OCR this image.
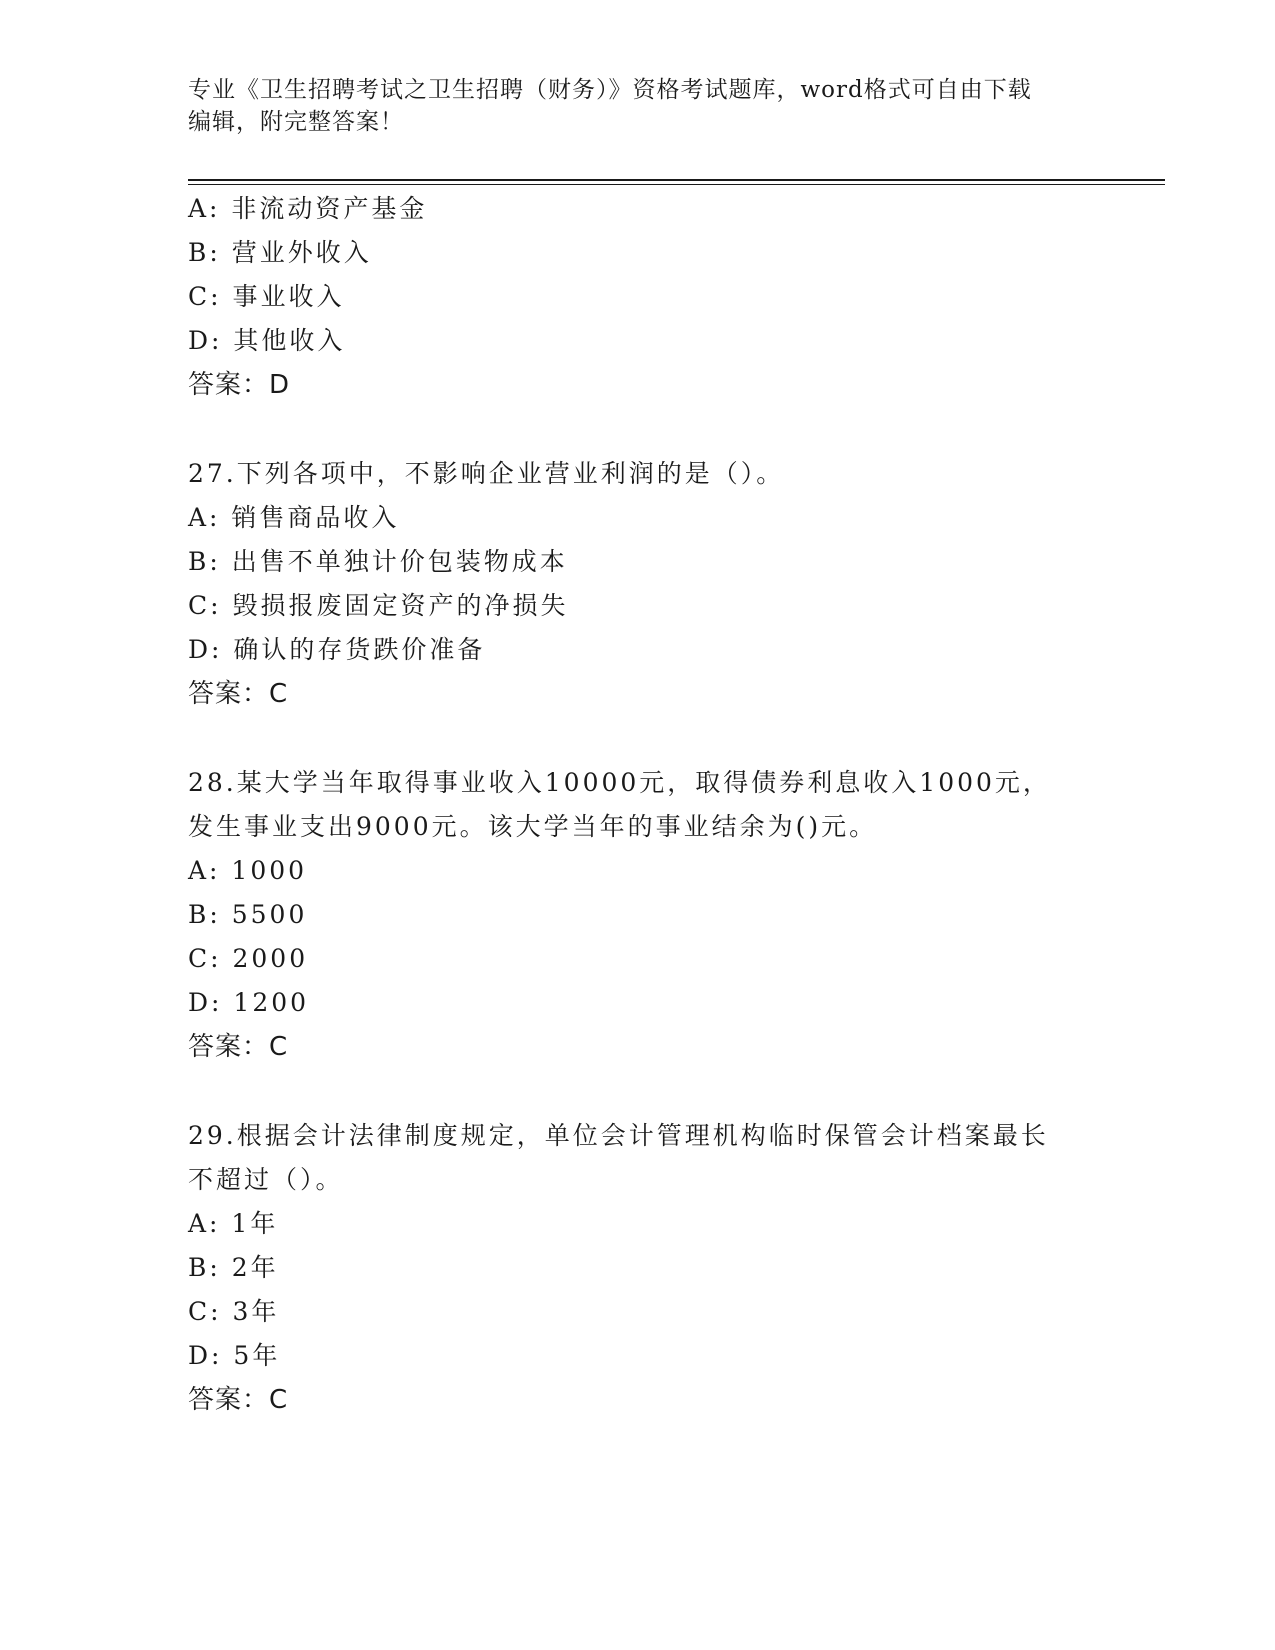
专业《卫生招聘考试之卫生招聘（财务）》资格考试题库，word格式可自由下载
编辑，附完整答案！
A: 非流动资产基金
B: 营业外收入
C: 事业收入
D: 其他收入
答案：D
27.下列各项中，不影响企业营业利润的是（）。
A: 销售商品收入
B: 出售不单独计价包装物成本
C: 毁损报废固定资产的净损失
D: 确认的存货跌价准备
答案：C
28.某大学当年取得事业收入10000元，取得债券利息收入1000元，
发生事业支出9000元。该大学当年的事业结余为()元。
A: 1000
B: 5500
C: 2000
D: 1200
答案：C
29.根据会计法律制度规定，单位会计管理机构临时保管会计档案最长
不超过（）。
A: 1年
B: 2年
C: 3年
D: 5年
答案：C
